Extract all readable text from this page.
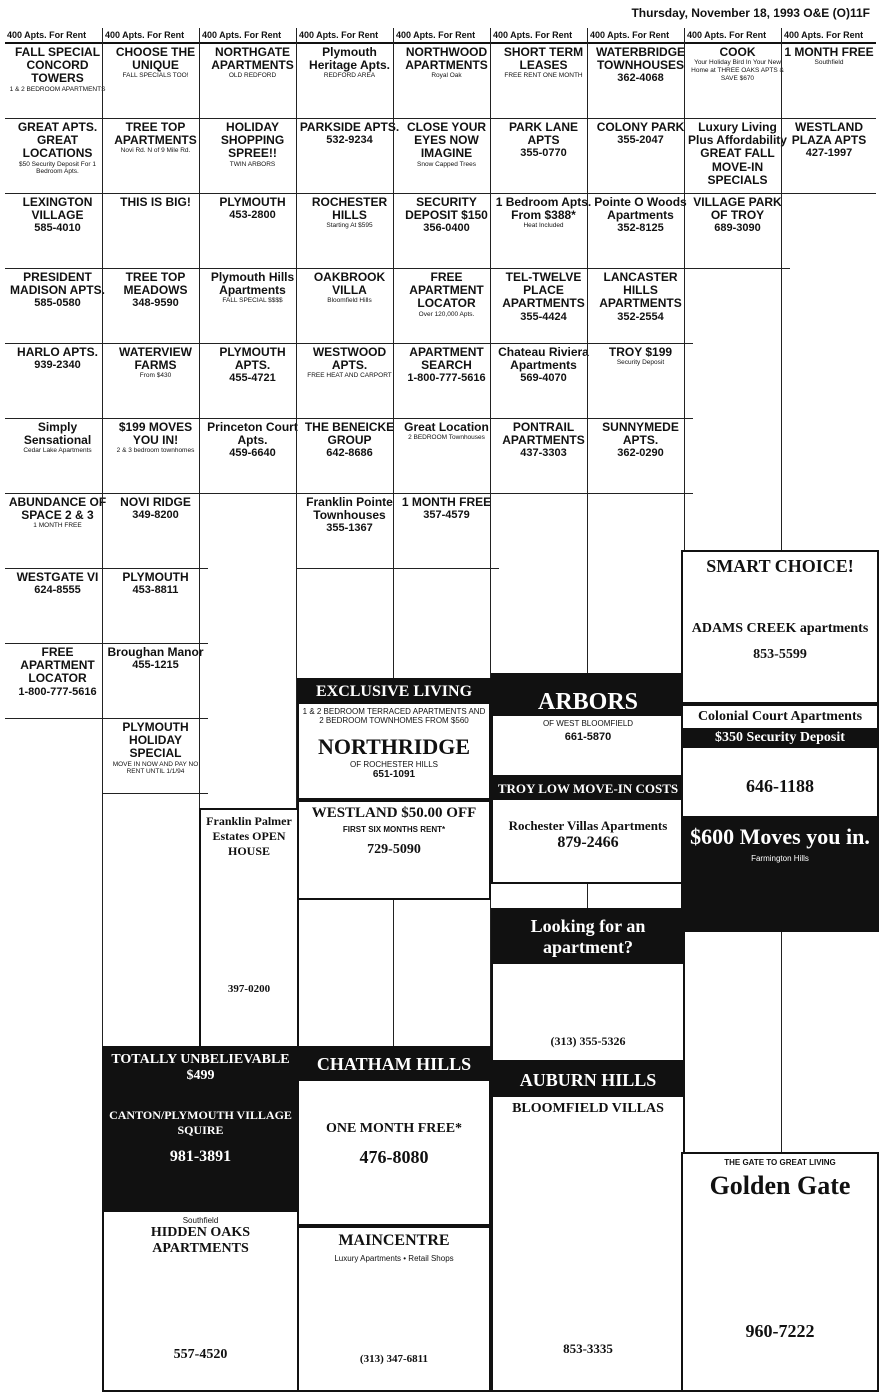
Thursday, November 18, 1993 O&E (O)11F
400 Apts. For Rent
FALL SPECIAL CONCORD TOWERS
1 & 2 BEDROOM APARTMENTS
GREAT APTS. GREAT LOCATIONS
$50 Security Deposit For 1 Bedroom Apts.
LEXINGTON VILLAGE
585-4010
PRESIDENT MADISON APTS.
585-0580
HARLO APTS.
939-2340
Simply Sensational
Cedar Lake Apartments
ABUNDANCE OF SPACE 2 & 3
1 MONTH FREE
WESTGATE VI
624-8555
FREE APARTMENT LOCATOR
1-800-777-5616
400 Apts. For Rent
CHOOSE THE UNIQUE
FALL SPECIALS TOO!
TREE TOP APARTMENTS
Novi Rd. N of 9 Mile Rd.
THIS IS BIG!
TREE TOP MEADOWS
348-9590
WATERVIEW FARMS
From $430
$199 MOVES YOU IN!
2 & 3 bedroom townhomes
NOVI RIDGE
349-8200
PLYMOUTH
453-8811
Broughan Manor
455-1215
PLYMOUTH HOLIDAY SPECIAL
MOVE IN NOW AND PAY NO RENT UNTIL 1/1/94
400 Apts. For Rent
NORTHGATE APARTMENTS
OLD REDFORD
HOLIDAY SHOPPING SPREE!!
TWIN ARBORS
PLYMOUTH
453-2800
Plymouth Hills Apartments
FALL SPECIAL $$$$
PLYMOUTH APTS.
455-4721
Princeton Court Apts.
459-6640
400 Apts. For Rent
Plymouth Heritage Apts.
REDFORD AREA
PARKSIDE APTS.
532-9234
ROCHESTER HILLS
Starting At $595
OAKBROOK VILLA
Bloomfield Hills
WESTWOOD APTS.
FREE HEAT AND CARPORT
THE BENEICKE GROUP
642-8686
Franklin Pointe Townhouses
355-1367
400 Apts. For Rent
NORTHWOOD APARTMENTS
Royal Oak
CLOSE YOUR EYES NOW IMAGINE
Snow Capped Trees
SECURITY DEPOSIT $150
356-0400
FREE APARTMENT LOCATOR
Over 120,000 Apts.
APARTMENT SEARCH
1-800-777-5616
Great Location
2 BEDROOM Townhouses
1 MONTH FREE
357-4579
400 Apts. For Rent
SHORT TERM LEASES
FREE RENT ONE MONTH
PARK LANE APTS
355-0770
1 Bedroom Apts. From $388*
Heat Included
TEL-TWELVE PLACE APARTMENTS
355-4424
Chateau Riviera Apartments
569-4070
PONTRAIL APARTMENTS
437-3303
400 Apts. For Rent
WATERBRIDGE TOWNHOUSES
362-4068
COLONY PARK
355-2047
Pointe O Woods Apartments
352-8125
LANCASTER HILLS APARTMENTS
352-2554
TROY $199
Security Deposit
SUNNYMEDE APTS.
362-0290
400 Apts. For Rent
COOK
Your Holiday Bird In Your New Home at THREE OAKS APTS & SAVE $670
Luxury Living Plus Affordability GREAT FALL MOVE-IN SPECIALS
VILLAGE PARK OF TROY
689-3090
400 Apts. For Rent
1 MONTH FREE
Southfield
WESTLAND PLAZA APTS
427-1997
EXCLUSIVE LIVING
1 & 2 BEDROOM TERRACED APARTMENTS AND 2 BEDROOM TOWNHOMES FROM $560
NORTHRIDGE
OF ROCHESTER HILLS
651-1091
WESTLAND $50.00 OFF
FIRST SIX MONTHS RENT*
729-5090
ARBORS
OF WEST BLOOMFIELD
661-5870
TROY LOW MOVE-IN COSTS
Rochester Villas Apartments
879-2466
SMART CHOICE!
ADAMS CREEK apartments
853-5599
Colonial Court Apartments
$350 Security Deposit
646-1188
$600 Moves you in.
Farmington Hills
Franklin Palmer Estates OPEN HOUSE
397-0200
TOTALLY UNBELIEVABLE $499
CANTON/PLYMOUTH VILLAGE SQUIRE
981-3891
Southfield
HIDDEN OAKS APARTMENTS
557-4520
CHATHAM HILLS
ONE MONTH FREE*
476-8080
MAINCENTRE
Luxury Apartments • Retail Shops
(313) 347-6811
Looking for an apartment?
(313) 355-5326
AUBURN HILLS
BLOOMFIELD VILLAS
853-3335
THE GATE TO GREAT LIVING
Golden Gate
960-7222
